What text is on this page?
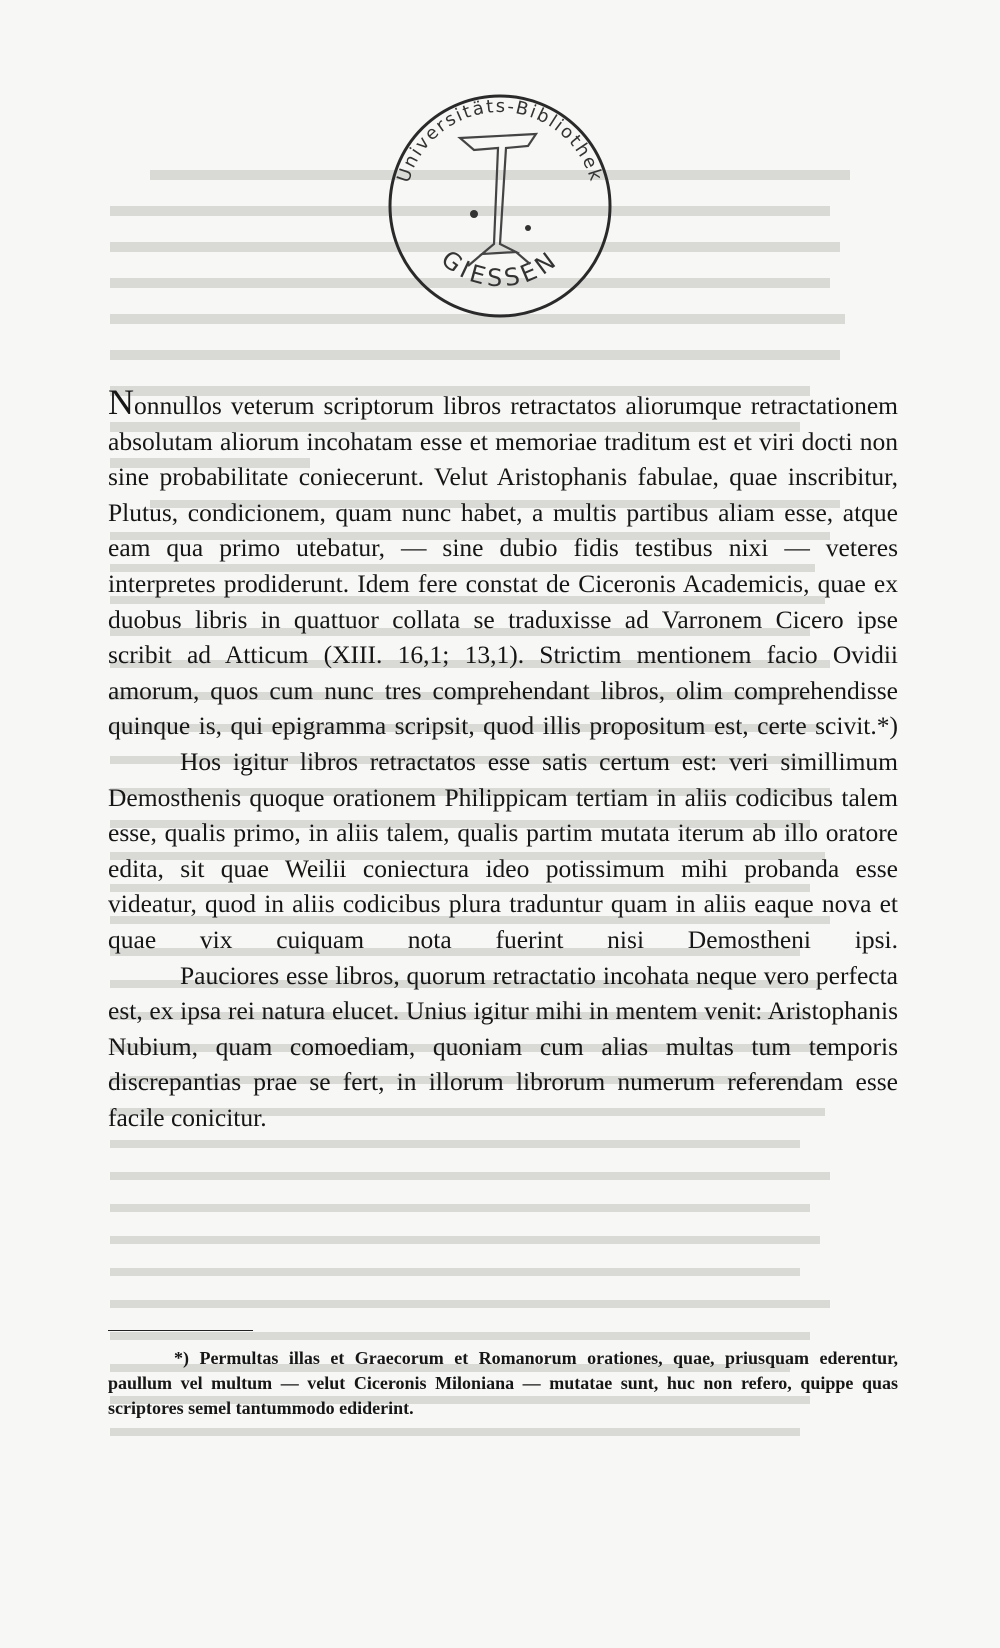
Universitäts-Bibliothek
GIESSEN

Nonnullos veterum scriptorum libros retractatos aliorumque retractationem absolutam aliorum incohatam esse et memoriae traditum est et viri docti non sine probabilitate coniecerunt. Velut Aristophanis fabulae, quae inscribitur, Plutus, condicionem, quam nunc habet, a multis partibus aliam esse, atque eam qua primo utebatur, — sine dubio fidis testibus nixi — veteres interpretes prodiderunt. Idem fere constat de Ciceronis Academicis, quae ex duobus libris in quattuor collata se traduxisse ad Varronem Cicero ipse scribit ad Atticum (XIII. 16,1; 13,1). Strictim mentionem facio Ovidii amorum, quos cum nunc tres comprehendant libros, olim comprehendisse quinque is, qui epigramma scripsit, quod illis propositum est, certe scivit.*)

Hos igitur libros retractatos esse satis certum est: veri simillimum Demosthenis quoque orationem Philippicam tertiam in aliis codicibus talem esse, qualis primo, in aliis talem, qualis partim mutata iterum ab illo oratore edita, sit quae Weilii coniectura ideo potissimum mihi probanda esse videatur, quod in aliis codicibus plura traduntur quam in aliis eaque nova et quae vix cuiquam nota fuerint nisi Demostheni ipsi.

Pauciores esse libros, quorum retractatio incohata neque vero perfecta est, ex ipsa rei natura elucet. Unius igitur mihi in mentem venit: Aristophanis Nubium, quam comoediam, quoniam cum alias multas tum temporis discrepantias prae se fert, in illorum librorum numerum referendam esse facile conicitur.

*) Permultas illas et Graecorum et Romanorum orationes, quae, priusquam ederentur, paullum vel multum — velut Ciceronis Miloniana — mutatae sunt, huc non refero, quippe quas scriptores semel tantummodo ediderint.
